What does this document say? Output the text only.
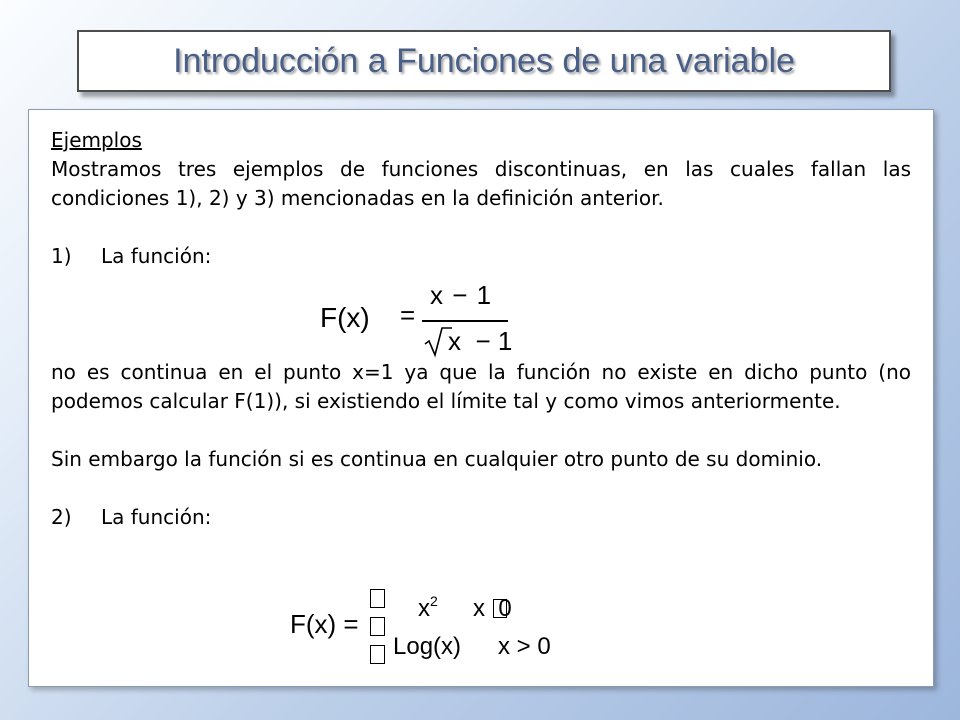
Introducción a Funciones de una variable

Ejemplos

Mostramos tres ejemplos de funciones discontinuas, en las cuales fallan las condiciones 1), 2) y 3) mencionadas en la definición anterior.

1)	La función:

no es continua en el punto x=1 ya que la función no existe en dicho punto (no podemos calcular F(1)), si existiendo el límite tal y como vimos anteriormente.

Sin embargo la función si es continua en cualquier otro punto de su dominio.

2)	La función:
F(x) =
x − 1
x  − 1
F(x) =
$x^2$ x  0
Log(x) x > 0
